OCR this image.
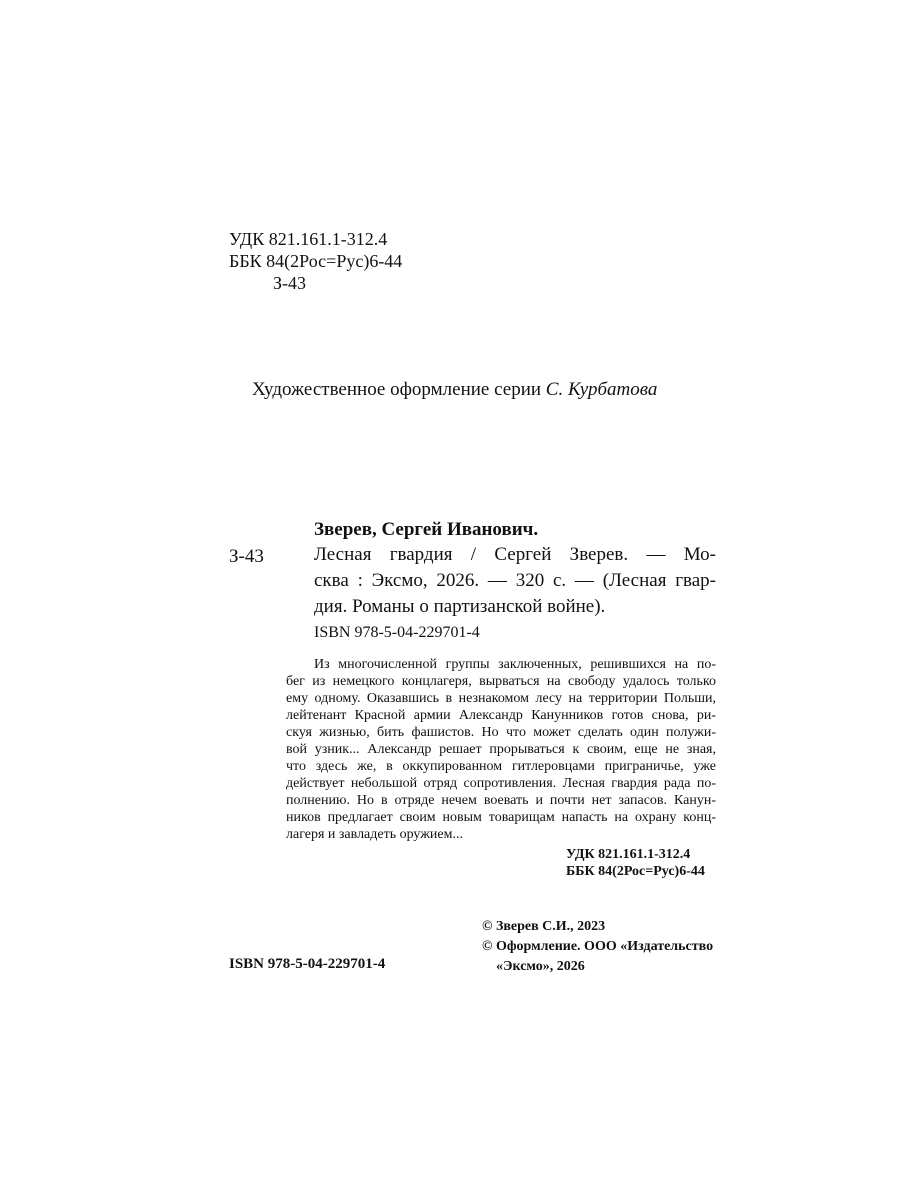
УДК 821.161.1-312.4
ББК 84(2Рос=Рус)6-44
З-43
Художественное оформление серии С. Курбатова
Зверев, Сергей Иванович.
З-43	Лесная гвардия / Сергей Зверев. — Мо-
сква : Эксмо, 2026. — 320 с. — (Лесная гвар-
дия. Романы о партизанской войне).
ISBN 978-5-04-229701-4
Из многочисленной группы заключенных, решившихся на по-
бег из немецкого концлагеря, вырваться на свободу удалось только
ему одному. Оказавшись в незнакомом лесу на территории Польши,
лейтенант Красной армии Александр Канунников готов снова, ри-
скуя жизнью, бить фашистов. Но что может сделать один полужи-
вой узник... Александр решает прорываться к своим, еще не зная,
что здесь же, в оккупированном гитлеровцами приграничье, уже
действует небольшой отряд сопротивления. Лесная гвардия рада по-
полнению. Но в отряде нечем воевать и почти нет запасов. Канун-
ников предлагает своим новым товарищам напасть на охрану конц-
лагеря и завладеть оружием...
УДК 821.161.1-312.4
ББК 84(2Рос=Рус)6-44
© Зверев С.И., 2023
© Оформление. ООО «Издательство
«Эксмо», 2026
ISBN 978-5-04-229701-4
